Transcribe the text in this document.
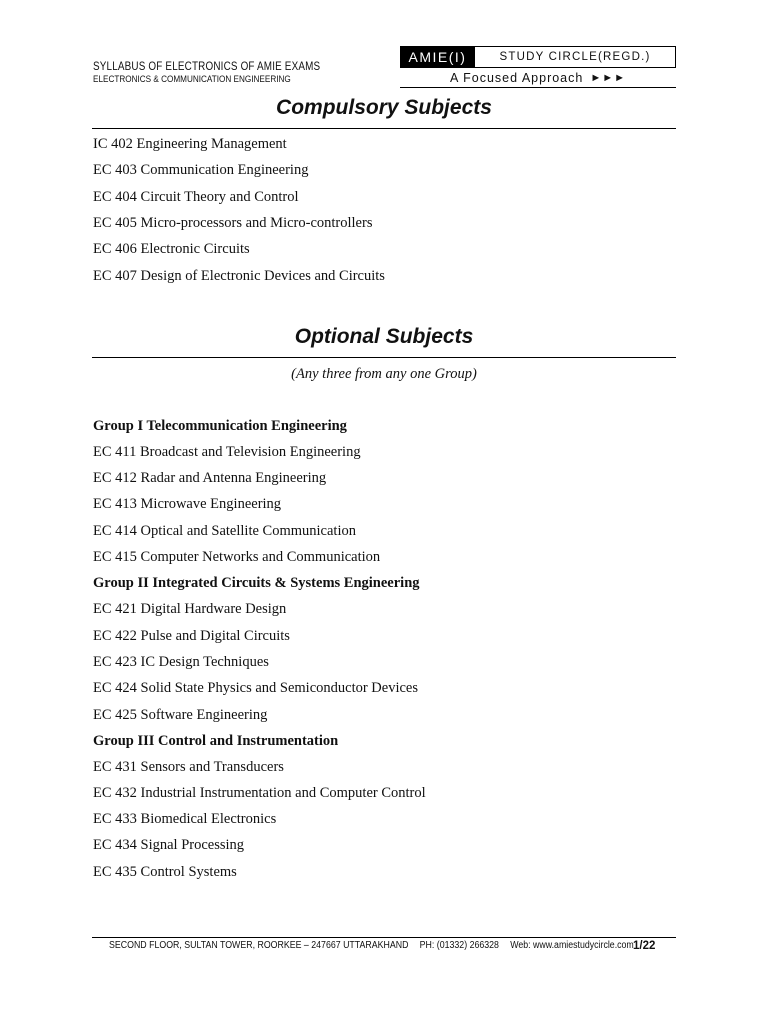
SYLLABUS OF ELECTRONICS OF AMIE EXAMS
ELECTRONICS & COMMUNICATION ENGINEERING
AMIE(I)	STUDY CIRCLE(REGD.)
A Focused Approach ►►►
Compulsory Subjects
IC 402 Engineering Management
EC 403 Communication Engineering
EC 404 Circuit Theory and Control
EC 405 Micro-processors and Micro-controllers
EC 406 Electronic Circuits
EC 407 Design of Electronic Devices and Circuits
Optional Subjects
(Any three from any one Group)
Group I Telecommunication Engineering
EC 411 Broadcast and Television Engineering
EC 412 Radar and Antenna Engineering
EC 413 Microwave Engineering
EC 414 Optical and Satellite Communication
EC 415 Computer Networks and Communication
Group II Integrated Circuits & Systems Engineering
EC 421 Digital Hardware Design
EC 422 Pulse and Digital Circuits
EC 423 IC Design Techniques
EC 424 Solid State Physics and Semiconductor Devices
EC 425 Software Engineering
Group III Control and Instrumentation
EC 431 Sensors and Transducers
EC 432 Industrial Instrumentation and Computer Control
EC 433 Biomedical Electronics
EC 434 Signal Processing
EC 435 Control Systems
SECOND FLOOR, SULTAN TOWER, ROORKEE – 247667 UTTARAKHAND PH: (01332) 266328 Web: www.amiestudycircle.com 1/22
